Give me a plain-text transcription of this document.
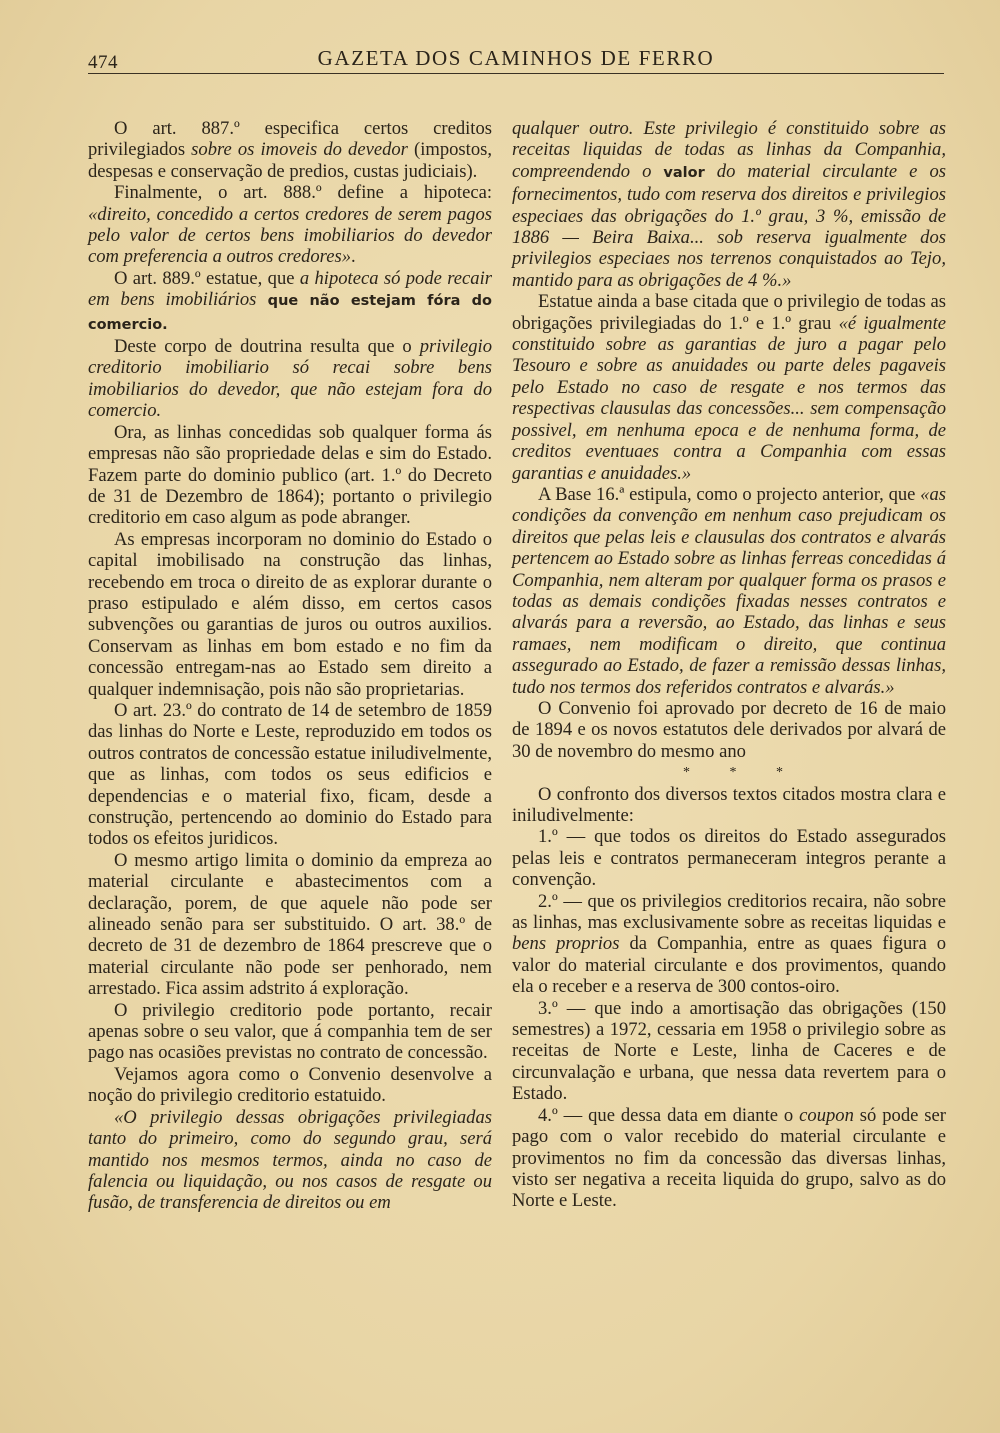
474	GAZETA DOS CAMINHOS DE FERRO

O art. 887.º especifica certos creditos privilegiados sobre os imoveis do devedor (impostos, despesas e conservação de predios, custas judiciais).

Finalmente, o art. 888.º define a hipoteca: «direito, concedido a certos credores de serem pagos pelo valor de certos bens imobiliarios do devedor com preferencia a outros credores».

O art. 889.º estatue, que a hipoteca só pode recair em bens imobiliários que não estejam fóra do comercio.

Deste corpo de doutrina resulta que o privilegio creditorio imobiliario só recai sobre bens imobiliarios do devedor, que não estejam fora do comercio.

Ora, as linhas concedidas sob qualquer forma ás empresas não são propriedade delas e sim do Estado. Fazem parte do dominio publico (art. 1.º do Decreto de 31 de Dezembro de 1864); portanto o privilegio creditorio em caso algum as pode abranger.

As empresas incorporam no dominio do Estado o capital imobilisado na construção das linhas, recebendo em troca o direito de as explorar durante o praso estipulado e além disso, em certos casos subvenções ou garantias de juros ou outros auxilios. Conservam as linhas em bom estado e no fim da concessão entregam-nas ao Estado sem direito a qualquer indemnisação, pois não são proprietarias.

O art. 23.º do contrato de 14 de setembro de 1859 das linhas do Norte e Leste, reproduzido em todos os outros contratos de concessão estatue iniludivelmente, que as linhas, com todos os seus edificios e dependencias e o material fixo, ficam, desde a construção, pertencendo ao dominio do Estado para todos os efeitos juridicos.

O mesmo artigo limita o dominio da empreza ao material circulante e abastecimentos com a declaração, porem, de que aquele não pode ser alineado senão para ser substituido. O art. 38.º de decreto de 31 de dezembro de 1864 prescreve que o material circulante não pode ser penhorado, nem arrestado. Fica assim adstrito á exploração.

O privilegio creditorio pode portanto, recair apenas sobre o seu valor, que á companhia tem de ser pago nas ocasiões previstas no contrato de concessão.

Vejamos agora como o Convenio desenvolve a noção do privilegio creditorio estatuido.

«O privilegio dessas obrigações privilegiadas tanto do primeiro, como do segundo grau, será mantido nos mesmos termos, ainda no caso de falencia ou liquidação, ou nos casos de resgate ou fusão, de transferencia de direitos ou em

qualquer outro. Este privilegio é constituido sobre as receitas liquidas de todas as linhas da Companhia, compreendendo o valor do material circulante e os fornecimentos, tudo com reserva dos direitos e privilegios especiaes das obrigações do 1.º grau, 3 %, emissão de 1886 — Beira Baixa... sob reserva igualmente dos privilegios especiaes nos terrenos conquistados ao Tejo, mantido para as obrigações de 4 %.»

Estatue ainda a base citada que o privilegio de todas as obrigações privilegiadas do 1.º e 1.º grau «é igualmente constituido sobre as garantias de juro a pagar pelo Tesouro e sobre as anuidades ou parte deles pagaveis pelo Estado no caso de resgate e nos termos das respectivas clausulas das concessões... sem compensação possivel, em nenhuma epoca e de nenhuma forma, de creditos eventuaes contra a Companhia com essas garantias e anuidades.»

A Base 16.ª estipula, como o projecto anterior, que «as condições da convenção em nenhum caso prejudicam os direitos que pelas leis e clausulas dos contratos e alvarás pertencem ao Estado sobre as linhas ferreas concedidas á Companhia, nem alteram por qualquer forma os prasos e todas as demais condições fixadas nesses contratos e alvarás para a reversão, ao Estado, das linhas e seus ramaes, nem modificam o direito, que continua assegurado ao Estado, de fazer a remissão dessas linhas, tudo nos termos dos referidos contratos e alvarás.»

O Convenio foi aprovado por decreto de 16 de maio de 1894 e os novos estatutos dele derivados por alvará de 30 de novembro do mesmo ano

* * *

O confronto dos diversos textos citados mostra clara e iniludivelmente:

1.º — que todos os direitos do Estado assegurados pelas leis e contratos permaneceram integros perante a convenção.

2.º — que os privilegios creditorios recaira, não sobre as linhas, mas exclusivamente sobre as receitas liquidas e bens proprios da Companhia, entre as quaes figura o valor do material circulante e dos provimentos, quando ela o receber e a reserva de 300 contos-oiro.

3.º — que indo a amortisação das obrigações (150 semestres) a 1972, cessaria em 1958 o privilegio sobre as receitas de Norte e Leste, linha de Caceres e de circunvalação e urbana, que nessa data revertem para o Estado.

4.º — que dessa data em diante o coupon só pode ser pago com o valor recebido do material circulante e provimentos no fim da concessão das diversas linhas, visto ser negativa a receita liquida do grupo, salvo as do Norte e Leste.
